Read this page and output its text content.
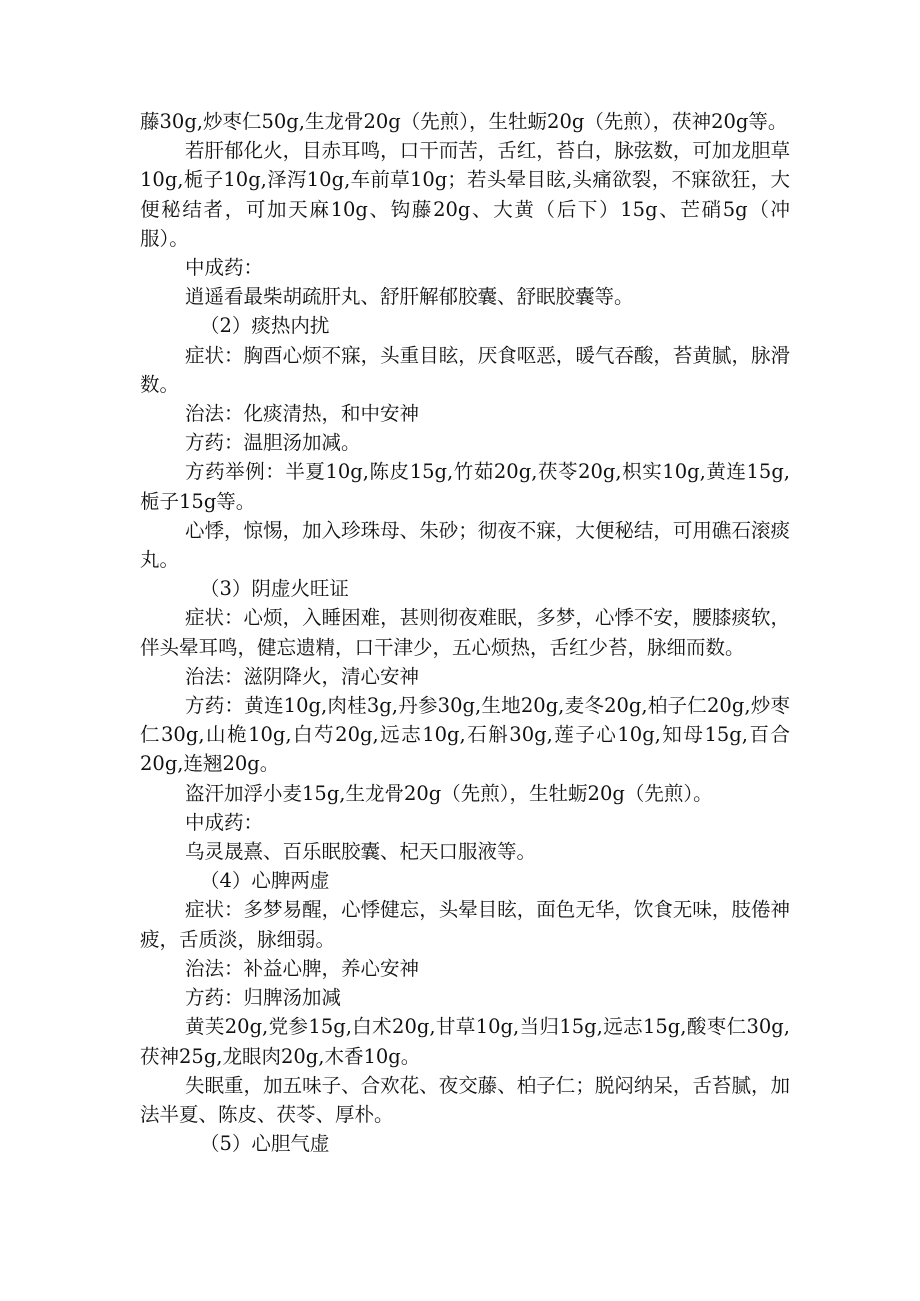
藤30g,炒枣仁50g,生龙骨20g（先煎），生牡蛎20g（先煎），茯神20g等。

若肝郁化火，目赤耳鸣，口干而苦，舌红，苔白，脉弦数，可加龙胆草10g,栀子10g,泽泻10g,车前草10g；若头晕目眩,头痛欲裂，不寐欲狂，大便秘结者，可加天麻10g、钩藤20g、大黄（后下）15g、芒硝5g（冲服）。

中成药：

逍遥看最柴胡疏肝丸、舒肝解郁胶囊、舒眠胶囊等。

（2）痰热内扰

症状：胸酉心烦不寐，头重目眩，厌食呕恶，暖气吞酸，苔黄腻，脉滑数。

治法：化痰清热，和中安神

方药：温胆汤加减。

方药举例：半夏10g,陈皮15g,竹茹20g,茯苓20g,枳实10g,黄连15g,栀子15g等。

心悸，惊惕，加入珍珠母、朱砂；彻夜不寐，大便秘结，可用礁石滚痰丸。

（3）阴虚火旺证

症状：心烦，入睡困难，甚则彻夜难眠，多梦，心悸不安，腰膝痰软，伴头晕耳鸣，健忘遗精，口干津少，五心烦热，舌红少苔，脉细而数。

治法：滋阴降火，清心安神

方药：黄连10g,肉桂3g,丹参30g,生地20g,麦冬20g,柏子仁20g,炒枣仁30g,山桅10g,白芍20g,远志10g,石斛30g,莲子心10g,知母15g,百合20g,连翘20g。

盗汗加浮小麦15g,生龙骨20g（先煎），生牡蛎20g（先煎）。

中成药：

乌灵晟熹、百乐眠胶囊、杞天口服液等。

（4）心脾两虚

症状：多梦易醒，心悸健忘，头晕目眩，面色无华，饮食无味，肢倦神疲，舌质淡，脉细弱。

治法：补益心脾，养心安神

方药：归脾汤加减

黄芙20g,党参15g,白术20g,甘草10g,当归15g,远志15g,酸枣仁30g,茯神25g,龙眼肉20g,木香10g。

失眠重，加五味子、合欢花、夜交藤、柏子仁；脱闷纳呆，舌苔腻，加法半夏、陈皮、茯苓、厚朴。

（5）心胆气虚
